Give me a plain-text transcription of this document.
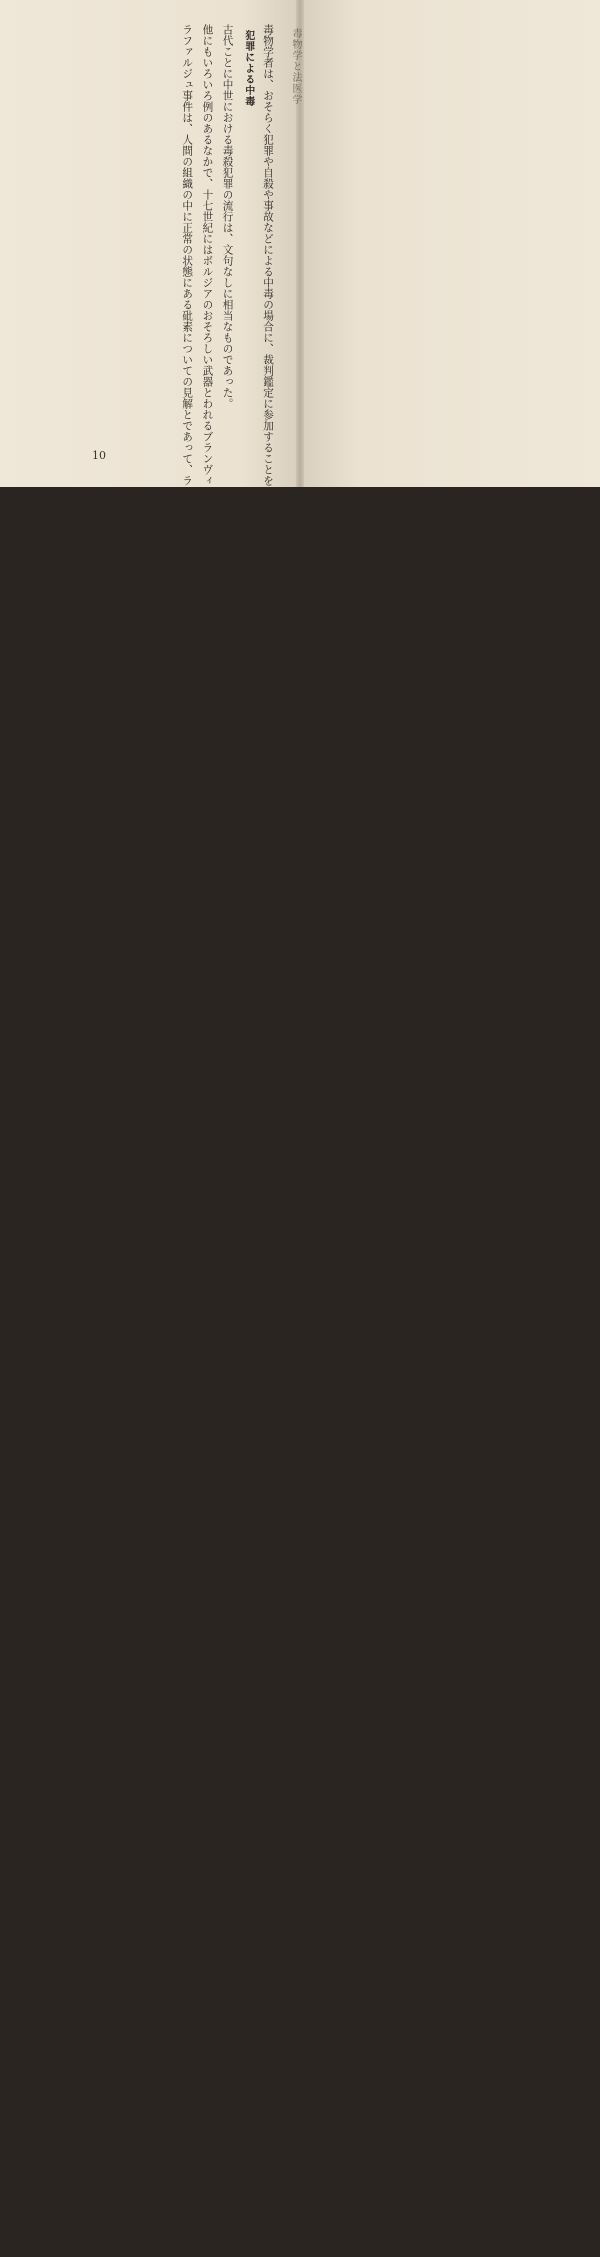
毒物学と法医学
毒物学者は、おそらく犯罪や自殺や事故などによる中毒の場合に、裁判鑑定に参加することをもとめられることがある。
犯罪による中毒
古代ことに中世における毒殺犯罪の流行は、文句なしに相当なものであった。
他にもいろいろ例のあるなかで、十七世紀にはボルジアのおそろしい武器とわれるブランヴィリエ（悪魔的毒人）が盛んに用いられた。ついで十九世紀には、ラファルジュとダングヴァルの事件、ボカルメ、クーティ・ド・ラ・ポムレー、あるいはジボーの事件などが、長いあいだ世間の話題になった。これらの犯罪事件の話はしばしば繰りかえされているからここでは、それらの話から大切な教訓を一つずつ引き出すことしか興味がないように思う。
ラファルジュ事件は、人間の組織の中に正常の状態にある砒素についての見解とであって、ラスパイユ（化学者、一七九四―一八七八）は、砒素が裁判物所長官の椅子の中にさえ見出されることを計算していたのではないか。それはオルフィラ（有名な毒物学者、一七八七―一八五三）の意見をとぶっていたために、この砒素の問題が学界の論戦となった。このこと以来、砒素が自然界にひろく分
10
